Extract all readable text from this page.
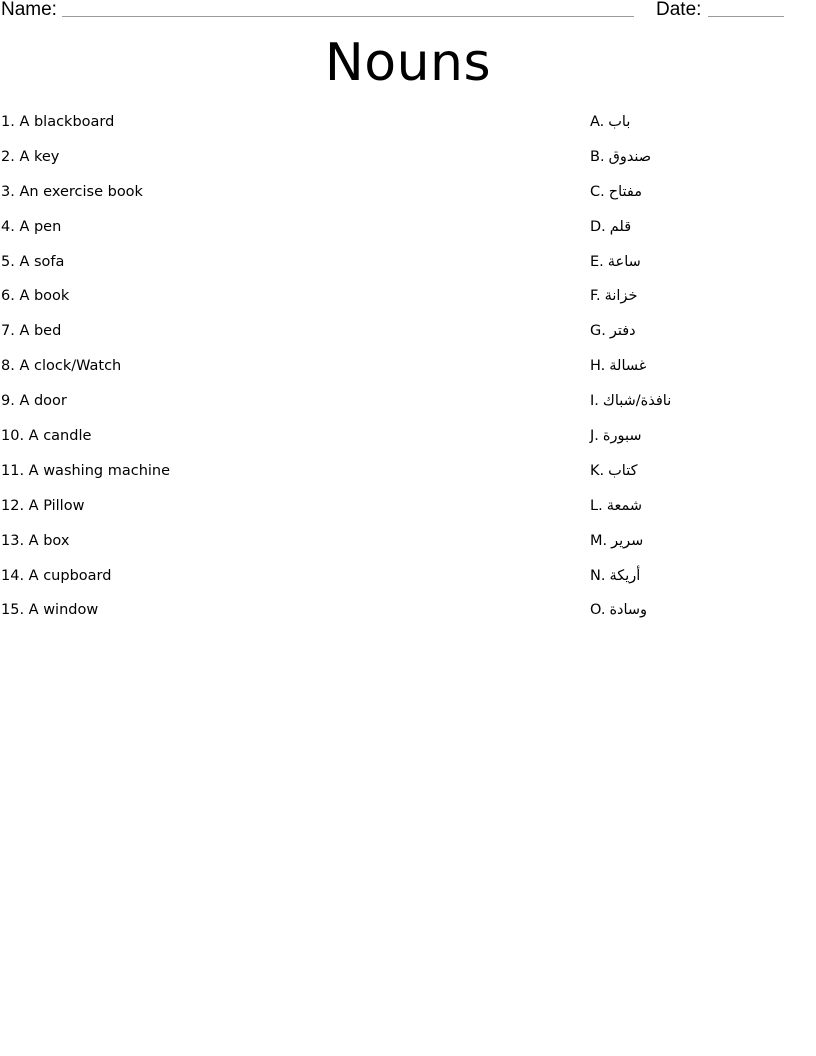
Name:	Date:
Nouns
1. A blackboard
2. A key
3. An exercise book
4. A pen
5. A sofa
6. A book
7. A bed
8. A clock/Watch
9. A door
10. A candle
11. A washing machine
12. A Pillow
13. A box
14. A cupboard
15. A window
A. باب
B. صندوق
C. مفتاح
D. قلم
E. ساعة
F. خزانة
G. دفتر
H. غسالة
I. نافذة/شباك
J. سبورة
K. كتاب
L. شمعة
M. سرير
N. أريكة
O. وسادة
